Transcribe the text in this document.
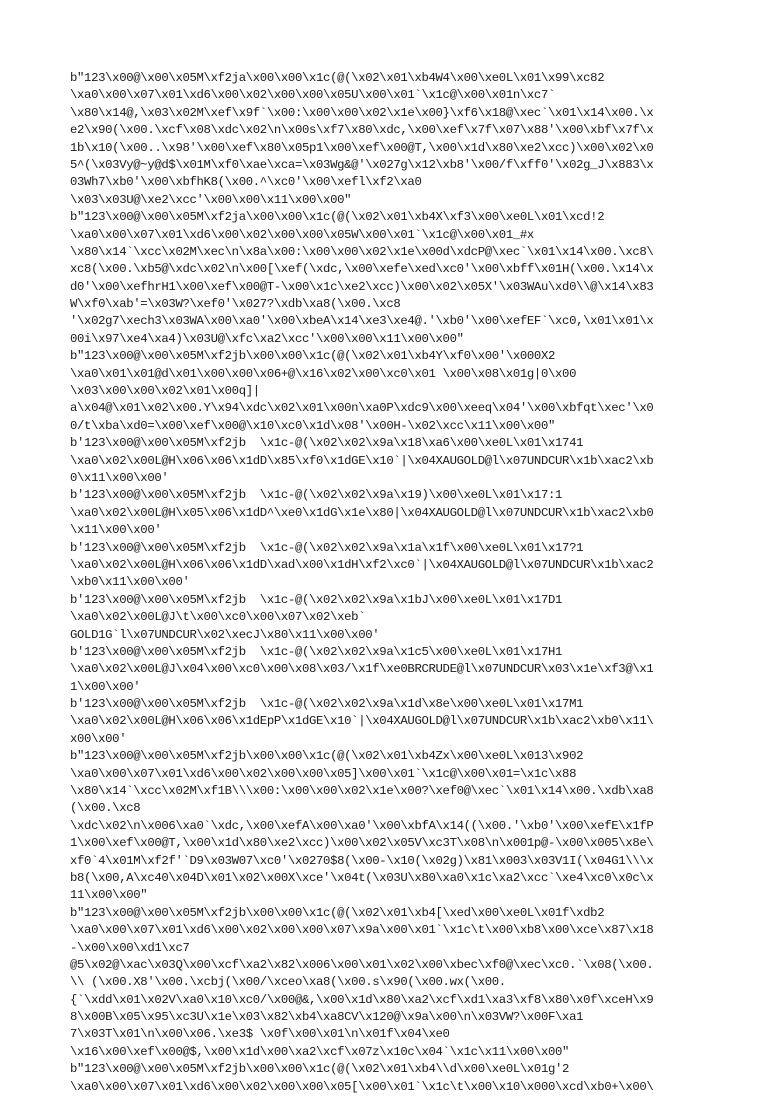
b"123\x00@\x00\x05M\xf2ja\x00\x00\x1c(@(\x02\x01\xb4W4\x00\xe0L\x01\x99\xc82
\xa0\x00\x07\x01\xd6\x00\x02\x00\x00\x05U\x00\x01`\x1c@\x00\x01n\xc7`
\x80\x14@,\x03\x02M\xef\x9f`\x00:\x00\x00\x02\x1e\x00}\xf6\x18@\xec`\x01\x14\x00.\x
e2\x90(\x00.\xcf\x08\xdc\x02\n\x00s\xf7\x80\xdc,\x00\xef\x7f\x07\x88'\x00\xbf\x7f\x
1b\x10(\x00..\x98'\x00\xef\x80\x05p1\x00\xef\x00@T,\x00\x1d\x80\xe2\xcc)\x00\x02\x0
5^(\x03Vy@~y@d$\x01M\xf0\xae\xca=\x03Wg&@'\x027g\x12\xb8'\x00/f\xff0'\x02g_J\x883\x
03Wh7\xb0'\x00\xbfhK8(\x00.^\xc0'\x00\xefl\xf2\xa0
\x03\x03U@\xe2\xcc'\x00\x00\x11\x00\x00"
b"123\x00@\x00\x05M\xf2ja\x00\x00\x1c(@(\x02\x01\xb4X\xf3\x00\xe0L\x01\xcd!2
\xa0\x00\x07\x01\xd6\x00\x02\x00\x00\x05W\x00\x01`\x1c@\x00\x01_#x
\x80\x14`\xcc\x02M\xec\n\x8a\x00:\x00\x00\x02\x1e\x00d\xdcP@\xec`\x01\x14\x00.\xc8\
xc8(\x00.\xb5@\xdc\x02\n\x00[\xef(\xdc,\x00\xefe\xed\xc0'\x00\xbff\x01H(\x00.\x14\x
d0'\x00\xefhrH1\x00\xef\x00@T-\x00\x1c\xe2\xcc)\x00\x02\x05X'\x03WAu\xd0\\@\x14\x83
W\xf0\xab'=\x03W?\xef0'\x027?\xdb\xa8(\x00.\xc8
'\x02g7\xech3\x03WA\x00\xa0'\x00\xbeA\x14\xe3\xe4@.'\xb0'\x00\xefEF`\xc0,\x01\x01\x
00i\x97\xe4\xa4)\x03U@\xfc\xa2\xcc'\x00\x00\x11\x00\x00"
b"123\x00@\x00\x05M\xf2jb\x00\x00\x1c(@(\x02\x01\xb4Y\xf0\x00'\x000X2
\xa0\x01\x01@d\x01\x00\x00\x06+@\x16\x02\x00\xc0\x01 \x00\x08\x01g|0\x00
\x03\x00\x00\x02\x01\x00q]|
a\x04@\x01\x02\x00.Y\x94\xdc\x02\x01\x00n\xa0P\xdc9\x00\xeeq\x04'\x00\xbfqt\xec'\x0
0/t\xba\xd0=\x00\xef\x00@\x10\xc0\x1d\x08'\x00H-\x02\xcc\x11\x00\x00"
b'123\x00@\x00\x05M\xf2jb  \x1c-@(\x02\x02\x9a\x18\xa6\x00\xe0L\x01\x1741
\xa0\x02\x00L@H\x06\x06\x1dD\x85\xf0\x1dGE\x10`|\x04XAUGOLD@l\x07UNDCUR\x1b\xac2\xb
0\x11\x00\x00'
b'123\x00@\x00\x05M\xf2jb  \x1c-@(\x02\x02\x9a\x19)\x00\xe0L\x01\x17:1
\xa0\x02\x00L@H\x05\x06\x1dD^\xe0\x1dG\x1e\x80|\x04XAUGOLD@l\x07UNDCUR\x1b\xac2\xb0
\x11\x00\x00'
b'123\x00@\x00\x05M\xf2jb  \x1c-@(\x02\x02\x9a\x1a\x1f\x00\xe0L\x01\x17?1
\xa0\x02\x00L@H\x06\x06\x1dD\xad\x00\x1dH\xf2\xc0`|\x04XAUGOLD@l\x07UNDCUR\x1b\xac2
\xb0\x11\x00\x00'
b'123\x00@\x00\x05M\xf2jb  \x1c-@(\x02\x02\x9a\x1bJ\x00\xe0L\x01\x17D1
\xa0\x02\x00L@J\t\x00\xc0\x00\x07\x02\xeb`
GOLD1G`l\x07UNDCUR\x02\xecJ\x80\x11\x00\x00'
b'123\x00@\x00\x05M\xf2jb  \x1c-@(\x02\x02\x9a\x1c5\x00\xe0L\x01\x17H1
\xa0\x02\x00L@J\x04\x00\xc0\x00\x08\x03/\x1f\xe0BRCRUDE@l\x07UNDCUR\x03\x1e\xf3@\x1
1\x00\x00'
b'123\x00@\x00\x05M\xf2jb  \x1c-@(\x02\x02\x9a\x1d\x8e\x00\xe0L\x01\x17M1
\xa0\x02\x00L@H\x06\x06\x1dEpP\x1dGE\x10`|\x04XAUGOLD@l\x07UNDCUR\x1b\xac2\xb0\x11\
x00\x00'
b"123\x00@\x00\x05M\xf2jb\x00\x00\x1c(@(\x02\x01\xb4Zx\x00\xe0L\x013\x902
\xa0\x00\x07\x01\xd6\x00\x02\x00\x00\x05]\x00\x01`\x1c@\x00\x01=\x1c\x88
\x80\x14`\xcc\x02M\xf1B\\\x00:\x00\x00\x02\x1e\x00?\xef0@\xec`\x01\x14\x00.\xdb\xa8
(\x00.\xc8
\xdc\x02\n\x006\xa0`\xdc,\x00\xefA\x00\xa0'\x00\xbfA\x14((\x00.'\xb0'\x00\xefE\x1fP
1\x00\xef\x00@T,\x00\x1d\x80\xe2\xcc)\x00\x02\x05V\xc3T\x08\n\x001p@-\x00\x005\x8e\
xf0`4\x01M\xf2f'`D9\x03W07\xc0'\x0270$8(\x00-\x10(\x02g)\x81\x003\x03V1I(\x04G1\\\x
b8(\x00,A\xc40\x04D\x01\x02\x00X\xce'\x04t(\x03U\x80\xa0\x1c\xa2\xcc`\xe4\xc0\x0c\x
11\x00\x00"
b"123\x00@\x00\x05M\xf2jb\x00\x00\x1c(@(\x02\x01\xb4[\xed\x00\xe0L\x01f\xdb2
\xa0\x00\x07\x01\xd6\x00\x02\x00\x00\x07\x9a\x00\x01`\x1c\t\x00\xb8\x00\xce\x87\x18
-\x00\x00\xd1\xc7
@5\x02@\xac\x03Q\x00\xcf\xa2\x82\x006\x00\x01\x02\x00\xbec\xf0@\xec\xc0.`\x08(\x00.
\\ (\x00.X8'\x00.\xcbj(\x00/\xceo\xa8(\x00.s\x90(\x00.wx(\x00.
{`\xdd\x01\x02V\xa0\x10\xc0/\x00@&,\x00\x1d\x80\xa2\xcf\xd1\xa3\xf8\x80\x0f\xceH\x9
8\x00B\x05\x95\xc3U\x1e\x03\x82\xb4\xa8CV\x120@\x9a\x00\n\x03VW?\x00F\xa1
7\x03T\x01\n\x00\x06.\xe3$ \x0f\x00\x01\n\x01f\x04\xe0
\x16\x00\xef\x00@$,\x00\x1d\x00\xa2\xcf\x07z\x10c\x04`\x1c\x11\x00\x00"
b"123\x00@\x00\x05M\xf2jb\x00\x00\x1c(@(\x02\x01\xb4\\d\x00\xe0L\x01g'2
\xa0\x00\x07\x01\xd6\x00\x02\x00\x00\x05[\x00\x01`\x1c\t\x00\x10\x000\xcd\xb0+\x00\
